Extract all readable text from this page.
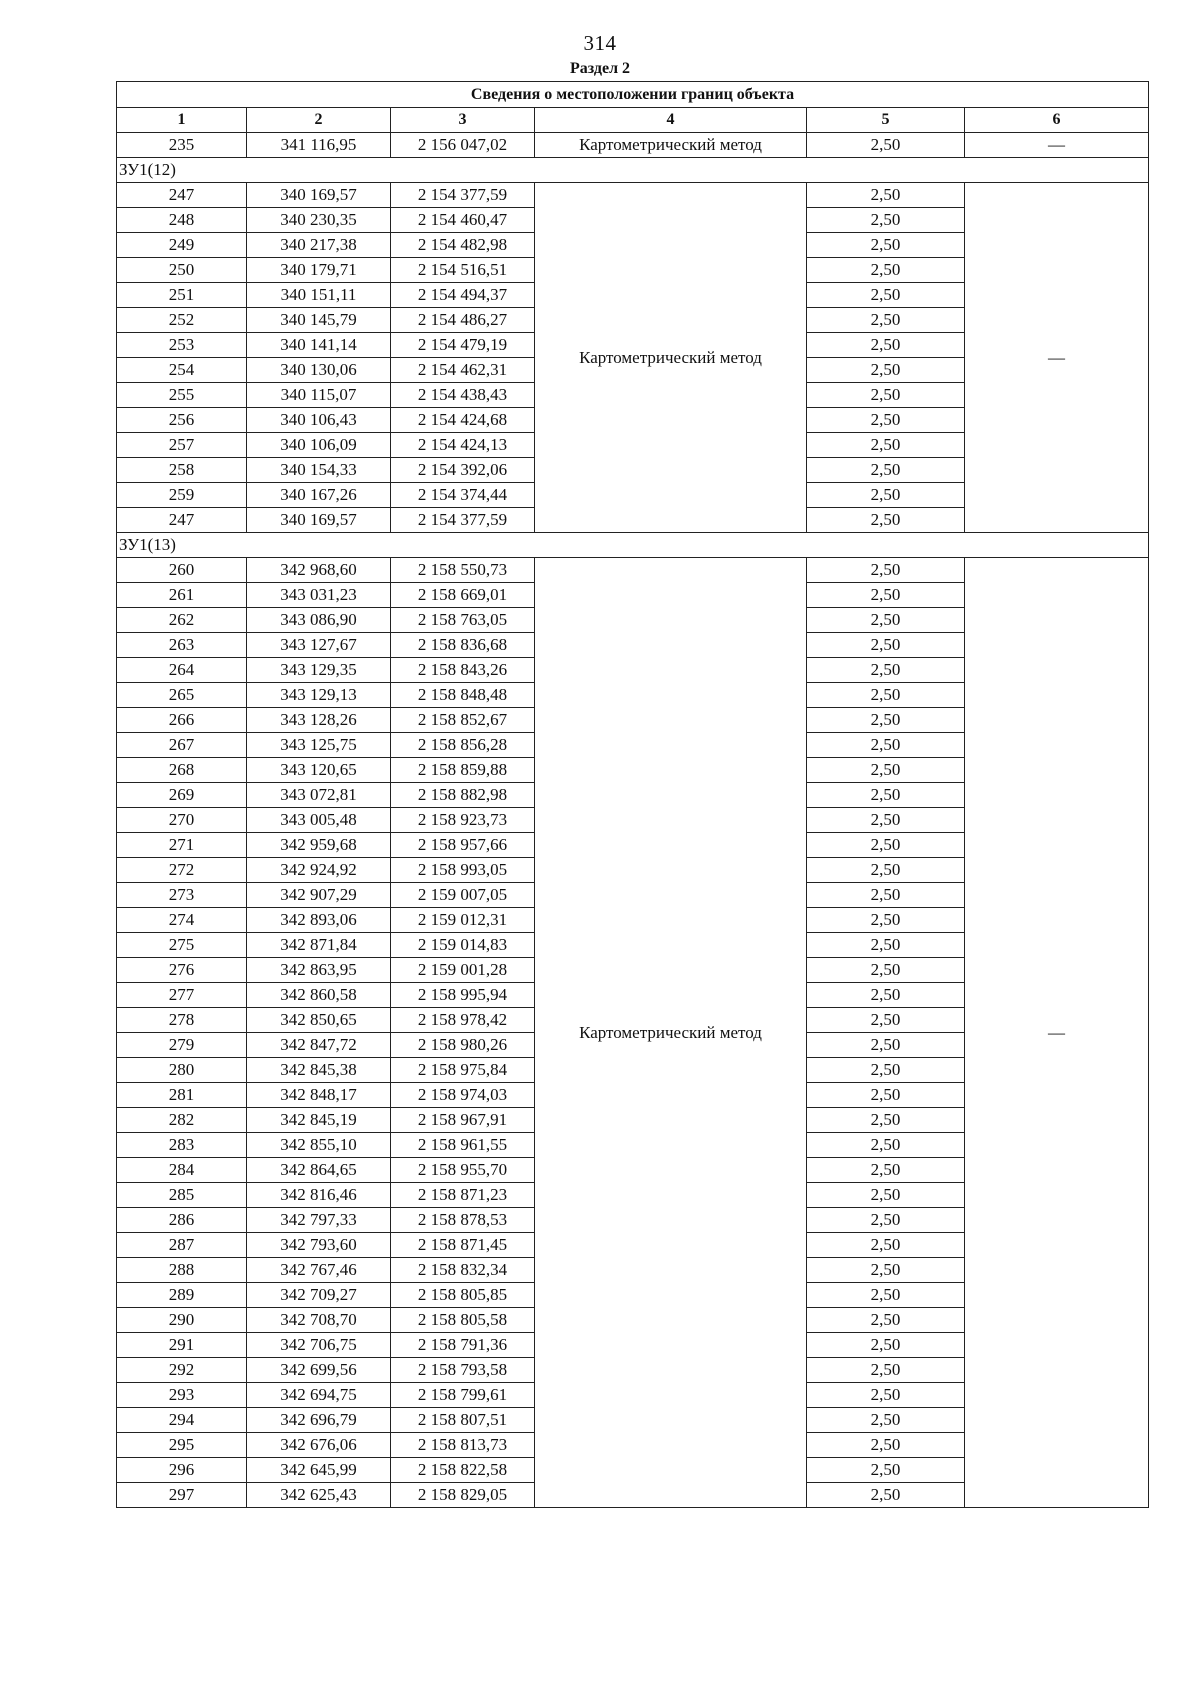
314
Раздел 2
Сведения о местоположении границ объекта					
1	2	3	4	5	6
235	341 116,95	2 156 047,02	Картометрический метод	2,50	—
ЗУ1(12)					
247	340 169,57	2 154 377,59	Картометрический метод	2,50	—
248	340 230,35	2 154 460,47		2,50	
249	340 217,38	2 154 482,98		2,50	
250	340 179,71	2 154 516,51		2,50	
251	340 151,11	2 154 494,37		2,50	
252	340 145,79	2 154 486,27		2,50	
253	340 141,14	2 154 479,19		2,50	
254	340 130,06	2 154 462,31		2,50	
255	340 115,07	2 154 438,43		2,50	
256	340 106,43	2 154 424,68		2,50	
257	340 106,09	2 154 424,13		2,50	
258	340 154,33	2 154 392,06		2,50	
259	340 167,26	2 154 374,44		2,50	
247	340 169,57	2 154 377,59		2,50	
ЗУ1(13)					
260	342 968,60	2 158 550,73	Картометрический метод	2,50	—
261	343 031,23	2 158 669,01		2,50	
262	343 086,90	2 158 763,05		2,50	
263	343 127,67	2 158 836,68		2,50	
264	343 129,35	2 158 843,26		2,50	
265	343 129,13	2 158 848,48		2,50	
266	343 128,26	2 158 852,67		2,50	
267	343 125,75	2 158 856,28		2,50	
268	343 120,65	2 158 859,88		2,50	
269	343 072,81	2 158 882,98		2,50	
270	343 005,48	2 158 923,73		2,50	
271	342 959,68	2 158 957,66		2,50	
272	342 924,92	2 158 993,05		2,50	
273	342 907,29	2 159 007,05		2,50	
274	342 893,06	2 159 012,31		2,50	
275	342 871,84	2 159 014,83		2,50	
276	342 863,95	2 159 001,28		2,50	
277	342 860,58	2 158 995,94		2,50	
278	342 850,65	2 158 978,42		2,50	
279	342 847,72	2 158 980,26		2,50	
280	342 845,38	2 158 975,84		2,50	
281	342 848,17	2 158 974,03		2,50	
282	342 845,19	2 158 967,91		2,50	
283	342 855,10	2 158 961,55		2,50	
284	342 864,65	2 158 955,70		2,50	
285	342 816,46	2 158 871,23		2,50	
286	342 797,33	2 158 878,53		2,50	
287	342 793,60	2 158 871,45		2,50	
288	342 767,46	2 158 832,34		2,50	
289	342 709,27	2 158 805,85		2,50	
290	342 708,70	2 158 805,58		2,50	
291	342 706,75	2 158 791,36		2,50	
292	342 699,56	2 158 793,58		2,50	
293	342 694,75	2 158 799,61		2,50	
294	342 696,79	2 158 807,51		2,50	
295	342 676,06	2 158 813,73		2,50	
296	342 645,99	2 158 822,58		2,50	
297	342 625,43	2 158 829,05		2,50	
